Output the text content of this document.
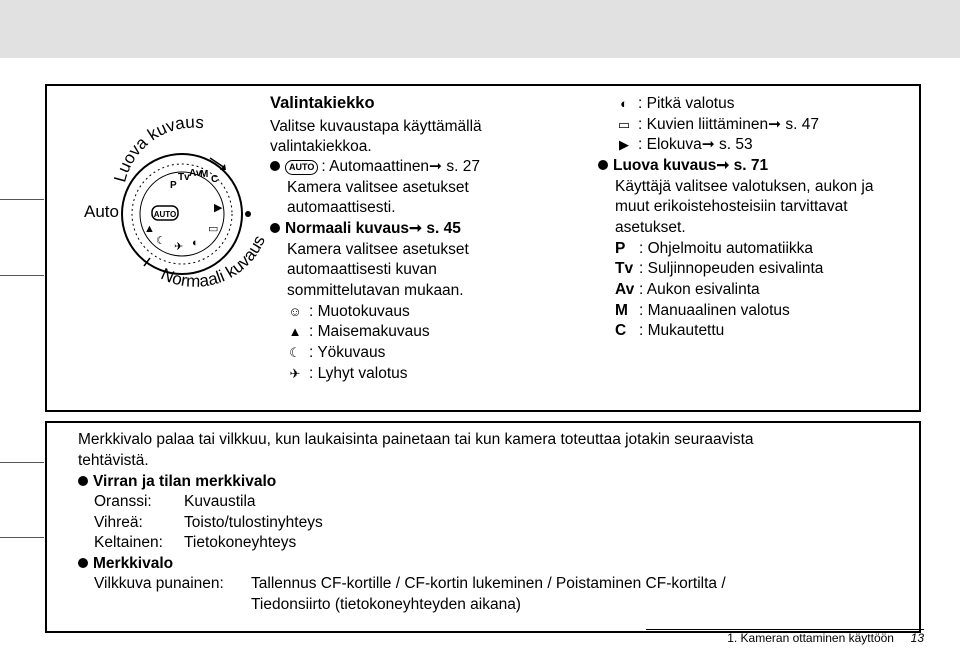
Luova kuvaus
Normaali kuvaus
AUTO
P
Tv Av
M C
▶
▭
◐
✈
☾
▲
Auto
Valintakiekko
Valitse kuvaustapa käyttämällä
valintakiekkoa.
AUTO : Automaattinen➞ s. 27
Kamera valitsee asetukset
automaattisesti.
Normaali kuvaus➞ s. 45
Kamera valitsee asetukset
automaattisesti kuvan
sommittelutavan mukaan.
☺ : Muotokuvaus
▲ : Maisemakuvaus
☾ : Yökuvaus
✈ : Lyhyt valotus
◐ : Pitkä valotus
▭ : Kuvien liittäminen➞ s. 47
▶ : Elokuva➞ s. 53
Luova kuvaus➞ s. 71
Käyttäjä valitsee valotuksen, aukon ja
muut erikoistehosteisiin tarvittavat
asetukset.
P : Ohjelmoitu automatiikka
Tv : Suljinnopeuden esivalinta
Av : Aukon esivalinta
M : Manuaalinen valotus
C : Mukautettu
Merkkivalo palaa tai vilkkuu, kun laukaisinta painetaan tai kun kamera toteuttaa jotakin seuraavista
tehtävistä.
Virran ja tilan merkkivalo
Oranssi: Kuvaustila
Vihreä:	Toisto/tulostinyhteys
Keltainen: Tietokoneyhteys
Merkkivalo
Vilkkuva punainen: Tallennus CF-kortille / CF-kortin lukeminen / Poistaminen CF-kortilta /
Tiedonsiirto (tietokoneyhteyden aikana)
1. Kameran ottaminen käyttöön 13
